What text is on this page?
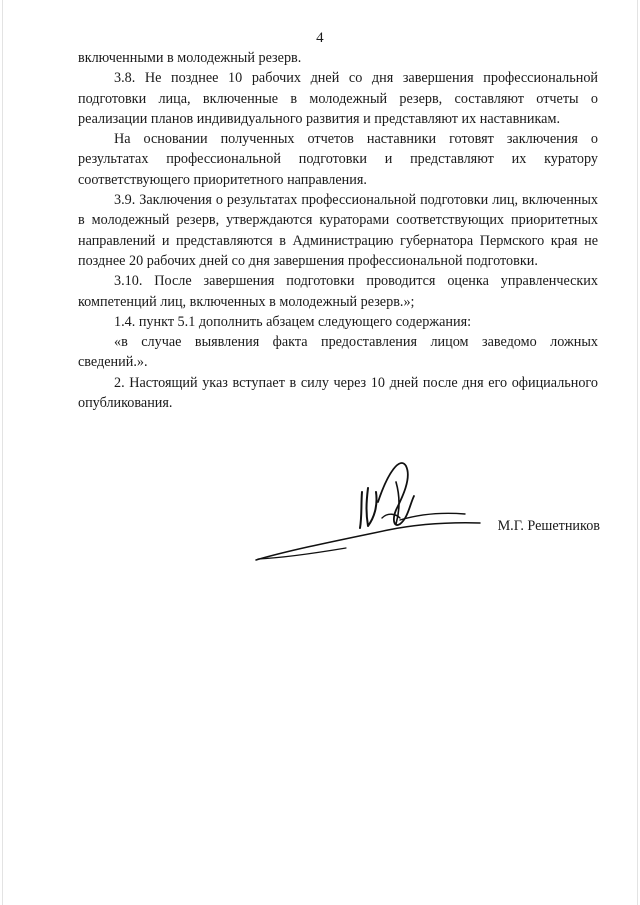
4

включенными в молодежный резерв.

3.8. Не позднее 10 рабочих дней со дня завершения профессиональной подготовки лица, включенные в молодежный резерв, составляют отчеты о реализации планов индивидуального развития и представляют их наставникам.

На основании полученных отчетов наставники готовят заключения о результатах профессиональной подготовки и представляют их куратору соответствующего приоритетного направления.

3.9. Заключения о результатах профессиональной подготовки лиц, включенных в молодежный резерв, утверждаются кураторами соответствующих приоритетных направлений и представляются в Администрацию губернатора Пермского края не позднее 20 рабочих дней со дня завершения профессиональной подготовки.

3.10. После завершения подготовки проводится оценка управленческих компетенций лиц, включенных в молодежный резерв.»;

1.4. пункт 5.1 дополнить абзацем следующего содержания:

«в случае выявления факта предоставления лицом заведомо ложных сведений.».

2. Настоящий указ вступает в силу через 10 дней после дня его официального опубликования.

М.Г. Решетников
